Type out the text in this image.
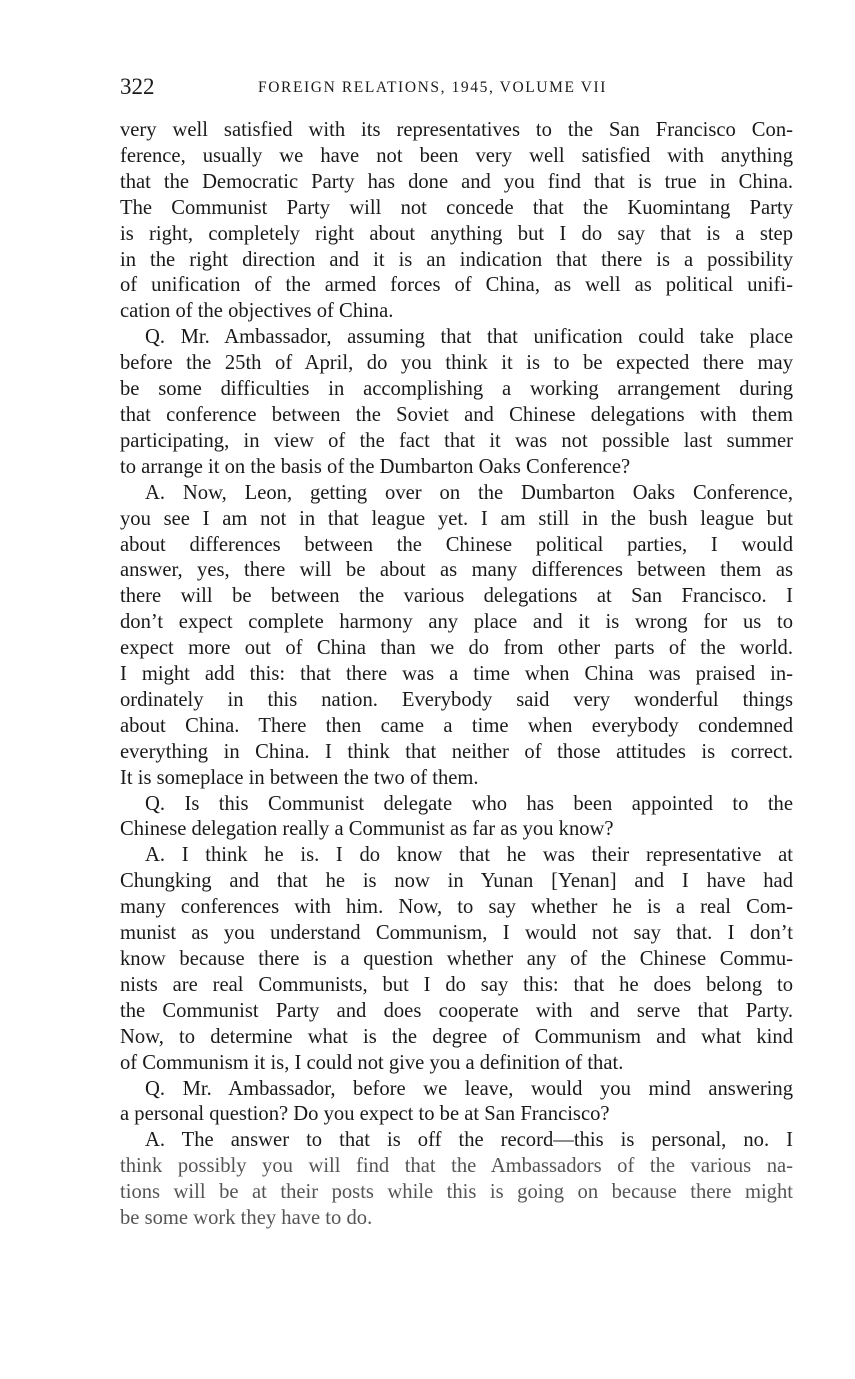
322	FOREIGN RELATIONS, 1945, VOLUME VII

very well satisfied with its representatives to the San Francisco Con-

ference, usually we have not been very well satisfied with anything

that the Democratic Party has done and you find that is true in China.

The Communist Party will not concede that the Kuomintang Party

is right, completely right about anything but I do say that is a step

in the right direction and it is an indication that there is a possibility

of unification of the armed forces of China, as well as political unifi-

cation of the objectives of China.

Q. Mr. Ambassador, assuming that that unification could take place

before the 25th of April, do you think it is to be expected there may

be some difficulties in accomplishing a working arrangement during

that conference between the Soviet and Chinese delegations with them

participating, in view of the fact that it was not possible last summer

to arrange it on the basis of the Dumbarton Oaks Conference?

A. Now, Leon, getting over on the Dumbarton Oaks Conference,

you see I am not in that league yet. I am still in the bush league but

about differences between the Chinese political parties, I would

answer, yes, there will be about as many differences between them as

there will be between the various delegations at San Francisco. I

don’t expect complete harmony any place and it is wrong for us to

expect more out of China than we do from other parts of the world.

I might add this: that there was a time when China was praised in-

ordinately in this nation. Everybody said very wonderful things

about China. There then came a time when everybody condemned

everything in China. I think that neither of those attitudes is correct.

It is someplace in between the two of them.

Q. Is this Communist delegate who has been appointed to the

Chinese delegation really a Communist as far as you know?

A. I think he is. I do know that he was their representative at

Chungking and that he is now in Yunan [Yenan] and I have had

many conferences with him. Now, to say whether he is a real Com-

munist as you understand Communism, I would not say that. I don’t

know because there is a question whether any of the Chinese Commu-

nists are real Communists, but I do say this: that he does belong to

the Communist Party and does cooperate with and serve that Party.

Now, to determine what is the degree of Communism and what kind

of Communism it is, I could not give you a definition of that.

Q. Mr. Ambassador, before we leave, would you mind answering

a personal question? Do you expect to be at San Francisco?

A. The answer to that is off the record—this is personal, no. I

think possibly you will find that the Ambassadors of the various na-

tions will be at their posts while this is going on because there might

be some work they have to do.
